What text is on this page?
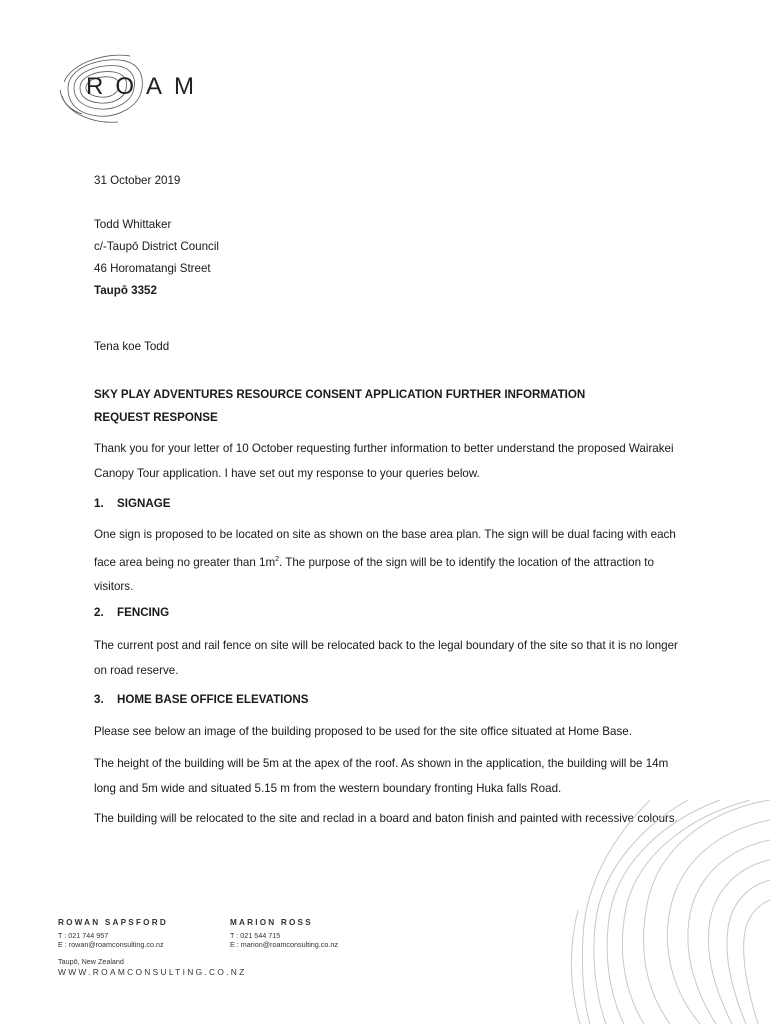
ROAM
31 October 2019
Todd Whittaker
c/-Taupō District Council
46 Horomatangi Street
Taupō 3352
Tena koe Todd
SKY PLAY ADVENTURES RESOURCE CONSENT APPLICATION FURTHER INFORMATION
REQUEST RESPONSE
Thank you for your letter of 10 October requesting further information to better understand the proposed Wairakei Canopy Tour application. I have set out my response to your queries below.
1. SIGNAGE
One sign is proposed to be located on site as shown on the base area plan. The sign will be dual facing with each face area being no greater than $1m^2$. The purpose of the sign will be to identify the location of the attraction to visitors.
2. FENCING
The current post and rail fence on site will be relocated back to the legal boundary of the site so that it is no longer on road reserve.
3. HOME BASE OFFICE ELEVATIONS
Please see below an image of the building proposed to be used for the site office situated at Home Base.
The height of the building will be 5m at the apex of the roof. As shown in the application, the building will be 14m long and 5m wide and situated 5.15 m from the western boundary fronting Huka falls Road.
The building will be relocated to the site and reclad in a board and baton finish and painted with recessive colours.
ROWAN SAPSFORD
T : 021 744 957
E : rowan@roamconsulting.co.nz
MARION ROSS
T : 021 544 715
E : marion@roamconsulting.co.nz
Taupō, New Zealand
WWW.ROAMCONSULTING.CO.NZ
